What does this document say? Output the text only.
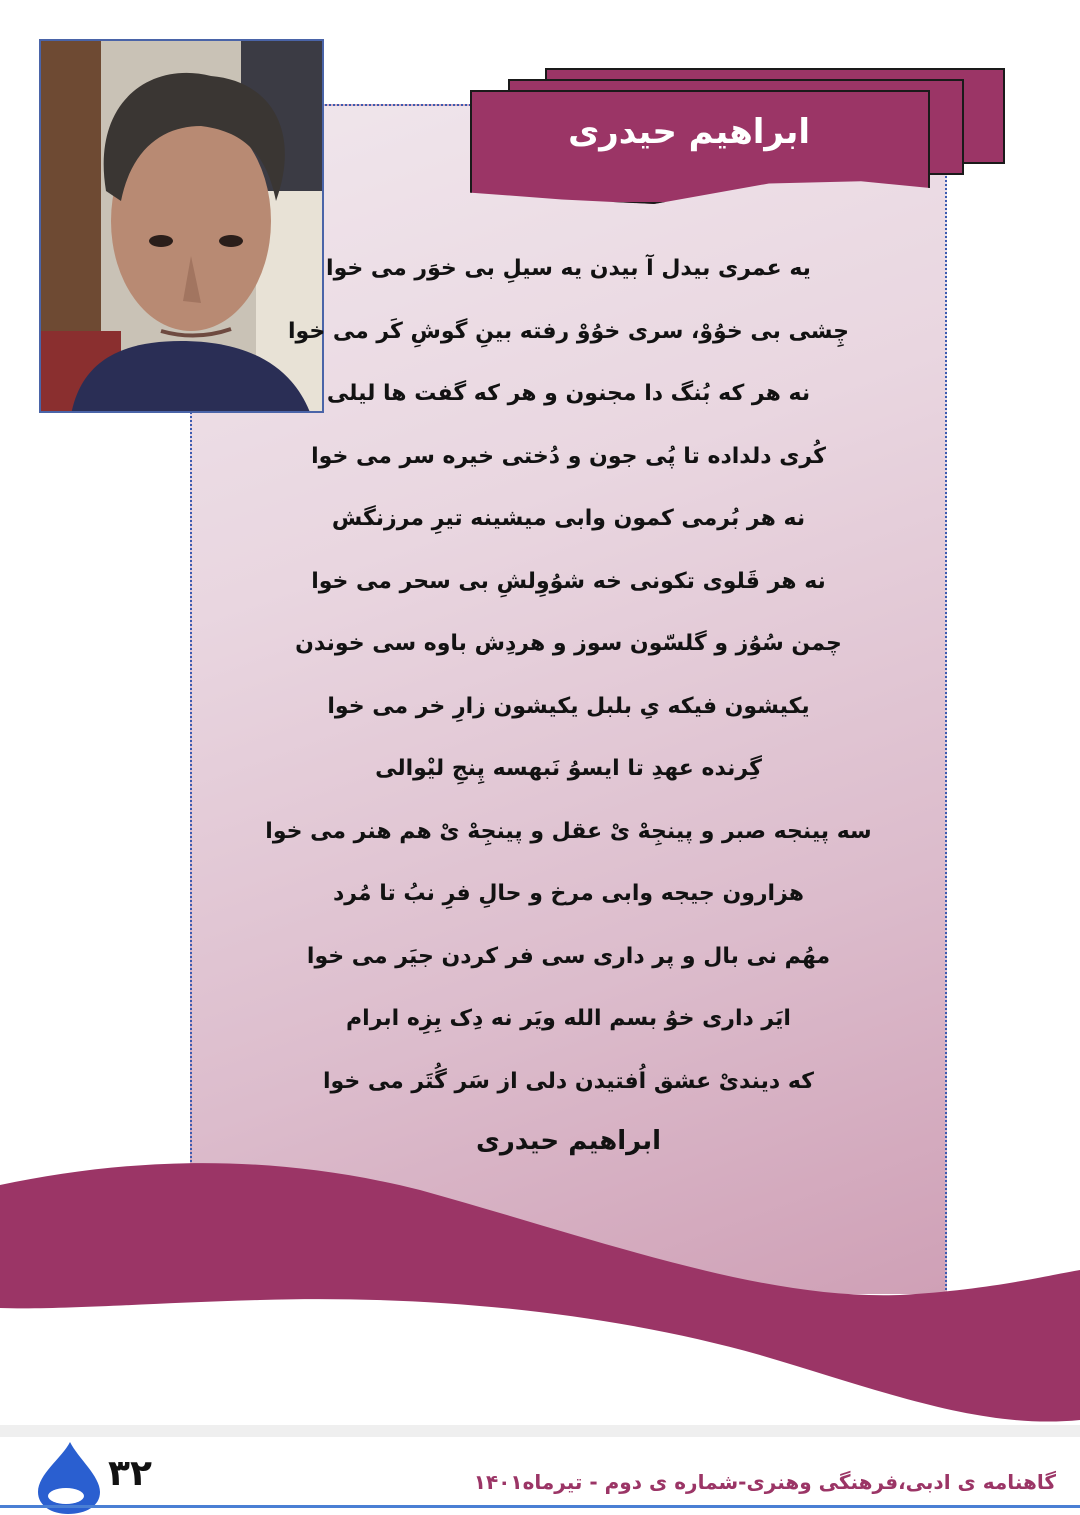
ابراهیم حیدری
یه عمری بیدل آ بیدن یه سیلِ بی خوَر می خوا
چِشی بی خوُوْ، سری خوُوْ رفته بینِ گوشِ کَر می خوا
نه هر که بُنگ دا مجنون و هر که گفت ها لیلی
کُری دلداده تا پُی جون و دُختی خیره سر می خوا
نه هر بُرمی کمون وابی میشینه تیرِ مرزنگش
نه هر قَلوی تکونی خه شوُوِلشِ بی سحر می خوا
چمن سُوُز و گلسّون سوز و هردِش باوه سی خوندن
یکیشون فیکه یِ بلبل یکیشون زارِ خر می خوا
گِرنده عهدِ تا ایسوُ نَبهسه پِنجِ لیْوالی
سه پینجه صبر و پینجِهْ یْ عقل و پینجِهْ یْ هم هنر می خوا
هزارون جیجه وابی مرخ و حالِ فرِ نبُ تا مُرد
مهُم نی بال و پر داری سی فر کردن جیَر می خوا
ایَر داری خوُ بسم الله ویَر نه دِک بِزِه ابرام
که دیندیْ عشق اُفتیدن دلی از سَر گُتَر می خوا
ابراهیم حیدری
۳۲	گاهنامه ی ادبی،فرهنگی وهنری-شماره ی دوم - تیرماه۱۴۰۱
